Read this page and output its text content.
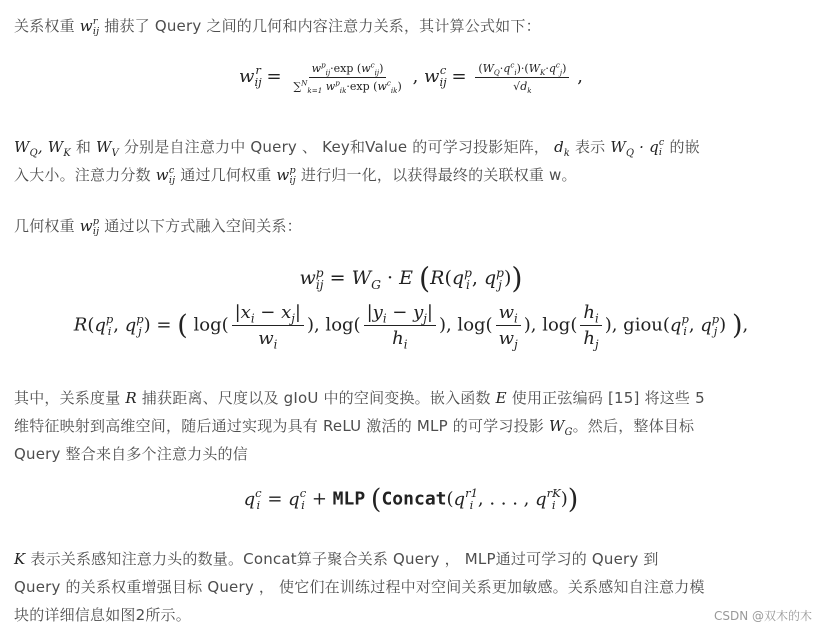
关系权重 w r
ij 捕获了 Query 之间的几何和内容注意力关系，其计算公式如下：
w r
ij = $\frac{w^p_{ij}\cdot\exp (w^c_{ij})}{\sum^N_{k=1} w^p_{ik}\cdot\exp (w^c_{ik})}$ , w c
ij = $\frac{(W_Q\cdot q^c_i)\cdot(W_K\cdot q^c_j)}{√d_k}$ ,
$W_Q$, $W_K$ 和 $W_V$ 分别是自注意力中 Query 、 Key和Value 的可学习投影矩阵， $d_k$ 表示 $W_Q \cdot q$ c
i 的嵌
入大小。注意力分数 w c
ij 通过几何权重 w p
ij 进行归一化，以获得最终的关联权重 w。
几何权重 w p
ij 通过以下方式融入空间关系：
w p
ij = $W_G \cdot E$ (R(q p
i , q p
j ))
R(q p
i , q p
j ) = ( $\log( \frac{|x_i - x_j|}{w_i}$ ), $\log( \frac{|y_i - y_j|}{h_i}$ ), $\log( \frac{w_i}{w_j}$ ), $\log( \frac{h_i}{h_j}$ ), giou(q p
i , q p
j ) ),
其中，关系度量 R 捕获距离、尺度以及 gIoU 中的空间变换。嵌入函数 E 使用正弦编码 [15] 将这些 5
维特征映射到高维空间，随后通过实现为具有 ReLU 激活的 MLP 的可学习投影 $W_G$。然后，整体目标
Query 整合来自多个注意力头的信
q c
i = q c
i + MLP (Concat(q r1
i , . . . , q rK
i ))
K 表示关系感知注意力头的数量。Concat算子聚合关系 Query ， MLP通过可学习的 Query 到
Query 的关系权重增强目标 Query ， 使它们在训练过程中对空间关系更加敏感。关系感知自注意力模
块的详细信息如图2所示。	CSDN @双木的木
